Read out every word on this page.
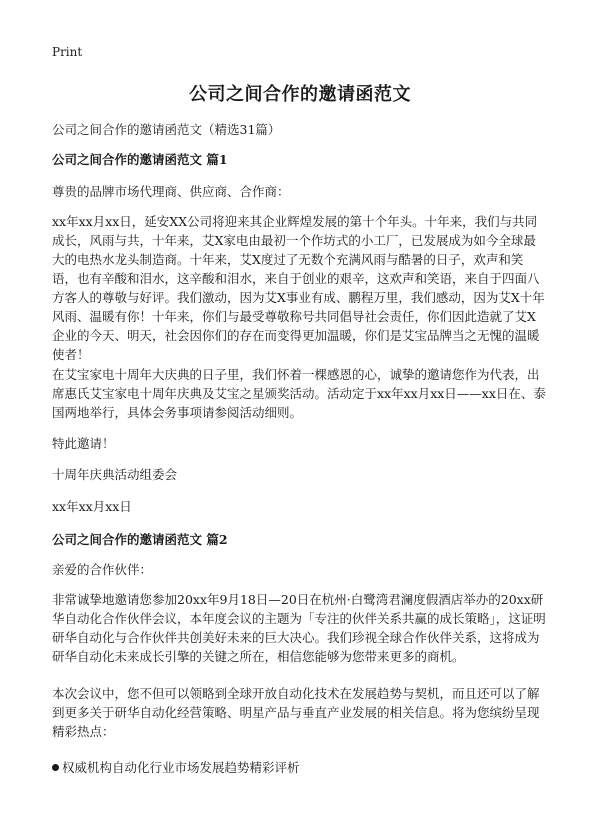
Print
公司之间合作的邀请函范文
公司之间合作的邀请函范文（精选31篇）
公司之间合作的邀请函范文 篇1
尊贵的品牌市场代理商、供应商、合作商：
xx年xx月xx日，延安XX公司将迎来其企业辉煌发展的第十个年头。十年来，我们与共同成长，风雨与共，十年来，艾X家电由最初一个作坊式的小工厂，已发展成为如今全球最大的电热水龙头制造商。十年来，艾X度过了无数个充满风雨与酷暑的日子，欢声和笑语，也有辛酸和泪水，这辛酸和泪水，来自于创业的艰辛，这欢声和笑语，来自于四面八方客人的尊敬与好评。我们激动，因为艾X事业有成、鹏程万里，我们感动，因为艾X十年风雨、温暖有你！十年来，你们与最受尊敬称号共同倡导社会责任，你们因此造就了艾X企业的今天、明天，社会因你们的存在而变得更加温暖，你们是艾宝品牌当之无愧的温暖使者！
在艾宝家电十周年大庆典的日子里，我们怀着一棵感恩的心，诚挚的邀请您作为代表，出席惠氏艾宝家电十周年庆典及艾宝之星颁奖活动。活动定于xx年xx月xx日——xx日在、泰国两地举行，具体会务事项请参阅活动细则。
特此邀请！
十周年庆典活动组委会
xx年xx月xx日
公司之间合作的邀请函范文 篇2
亲爱的合作伙伴：
非常诚挚地邀请您参加20xx年9月18日—20日在杭州·白鹭湾君澜度假酒店举办的20xx研华自动化合作伙伴会议，本年度会议的主题为「专注的伙伴关系共赢的成长策略」，这证明研华自动化与合作伙伴共创美好未来的巨大决心。我们珍视全球合作伙伴关系，这将成为研华自动化未来成长引擎的关键之所在，相信您能够为您带来更多的商机。
本次会议中，您不但可以领略到全球开放自动化技术在发展趋势与契机，而且还可以了解到更多关于研华自动化经营策略、明星产品与垂直产业发展的相关信息。将为您缤纷呈现精彩热点：
权威机构自动化行业市场发展趋势精彩评析
